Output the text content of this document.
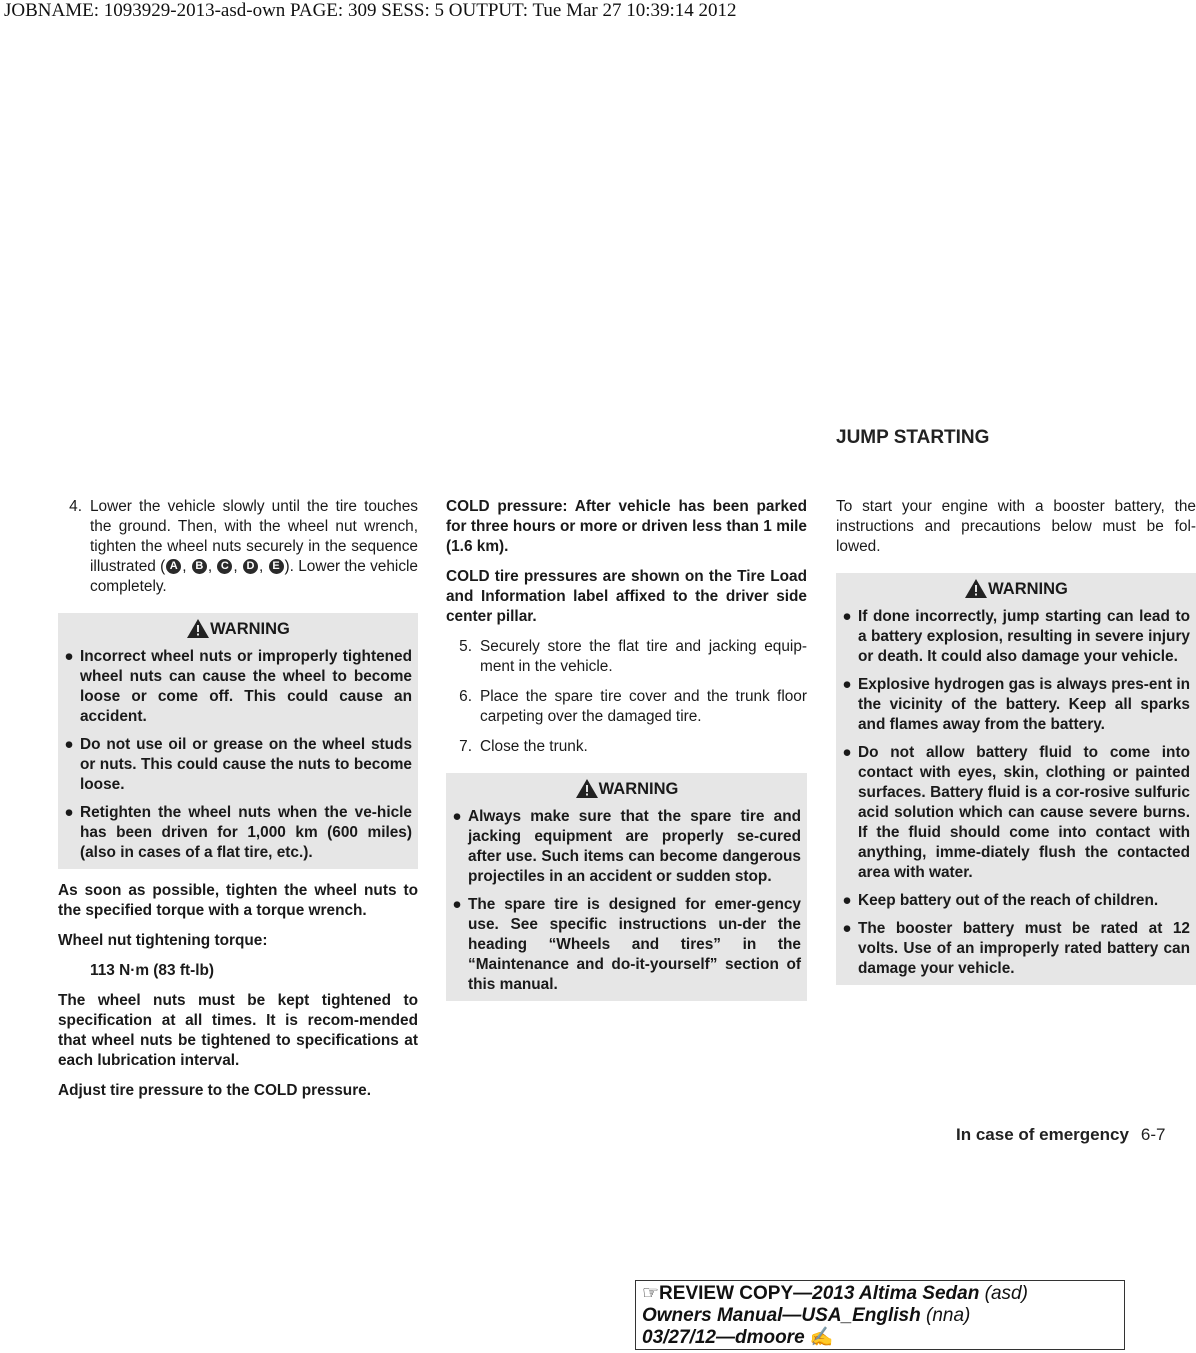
JOBNAME: 1093929-2013-asd-own PAGE: 309 SESS: 5 OUTPUT: Tue Mar 27 10:39:14 2012
JUMP STARTING
4. Lower the vehicle slowly until the tire touches the ground. Then, with the wheel nut wrench, tighten the wheel nuts securely in the sequence illustrated ( A , B , C , D , E ). Lower the vehicle completely.
WARNING
● Incorrect wheel nuts or improperly tightened wheel nuts can cause the wheel to become loose or come off. This could cause an accident.
● Do not use oil or grease on the wheel studs or nuts. This could cause the nuts to become loose.
● Retighten the wheel nuts when the ve-hicle has been driven for 1,000 km (600 miles) (also in cases of a flat tire, etc.).

As soon as possible, tighten the wheel nuts to the specified torque with a torque wrench.

Wheel nut tightening torque:

113 N·m (83 ft-lb)

The wheel nuts must be kept tightened to specification at all times. It is recom-mended that wheel nuts be tightened to specifications at each lubrication interval.

Adjust tire pressure to the COLD pressure.

COLD pressure: After vehicle has been parked for three hours or more or driven less than 1 mile (1.6 km).

COLD tire pressures are shown on the Tire Load and Information label affixed to the driver side center pillar.

5. Securely store the flat tire and jacking equip-ment in the vehicle.
6. Place the spare tire cover and the trunk floor carpeting over the damaged tire.
7. Close the trunk.
WARNING
● Always make sure that the spare tire and jacking equipment are properly se-cured after use. Such items can become dangerous projectiles in an accident or sudden stop.
● The spare tire is designed for emer-gency use. See specific instructions un-der the heading “Wheels and tires” in the “Maintenance and do-it-yourself” section of this manual.

To start your engine with a booster battery, the instructions and precautions below must be fol-lowed.

WARNING
● If done incorrectly, jump starting can lead to a battery explosion, resulting in severe injury or death. It could also damage your vehicle.
● Explosive hydrogen gas is always pres-ent in the vicinity of the battery. Keep all sparks and flames away from the battery.
● Do not allow battery fluid to come into contact with eyes, skin, clothing or painted surfaces. Battery fluid is a cor-rosive sulfuric acid solution which can cause severe burns. If the fluid should come into contact with anything, imme-diately flush the contacted area with water.
● Keep battery out of the reach of children.
● The booster battery must be rated at 12 volts. Use of an improperly rated battery can damage your vehicle.
In case of emergency 6-7
☞REVIEW COPY—2013 Altima Sedan (asd)
Owners Manual—USA_English (nna)
03/27/12—dmoore ✍
